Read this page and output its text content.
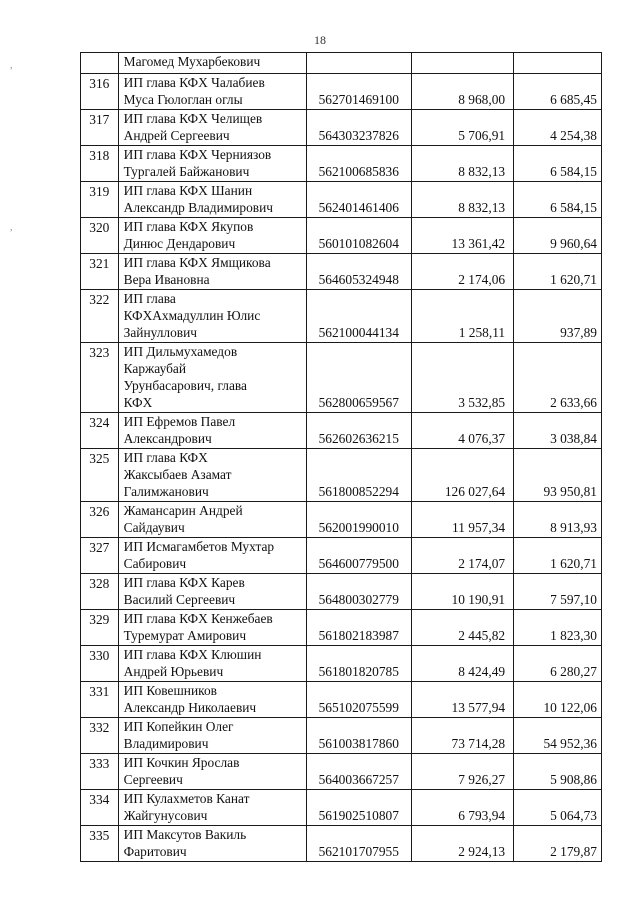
18
,
,
	Магомед Мухарбекович			
316	ИП глава КФХ Чалабиев
Муса Гюлоглан оглы	562701469100	8 968,00	6 685,45
317	ИП глава КФХ Челищев
Андрей Сергеевич	564303237826	5 706,91	4 254,38
318	ИП глава КФХ Черниязов
Тургалей Байжанович	562100685836	8 832,13	6 584,15
319	ИП глава КФХ Шанин
Александр Владимирович	562401461406	8 832,13	6 584,15
320	ИП глава КФХ Якупов
Динюс Дендарович	560101082604	13 361,42	9 960,64
321	ИП глава КФХ Ямщикова
Вера Ивановна	564605324948	2 174,06	1 620,71
322	ИП глава
КФХАхмадуллин Юлис
Зайнуллович	562100044134	1 258,11	937,89
323	ИП Дильмухамедов
Каржаубай
Урунбасарович, глава
КФХ	562800659567	3 532,85	2 633,66
324	ИП Ефремов Павел
Александрович	562602636215	4 076,37	3 038,84
325	ИП глава КФХ
Жаксыбаев Азамат
Галимжанович	561800852294	126 027,64	93 950,81
326	Жамансарин Андрей
Сайдаувич	562001990010	11 957,34	8 913,93
327	ИП Исмагамбетов Мухтар
Сабирович	564600779500	2 174,07	1 620,71
328	ИП глава КФХ Карев
Василий Сергеевич	564800302779	10 190,91	7 597,10
329	ИП глава КФХ Кенжебаев
Туремурат Амирович	561802183987	2 445,82	1 823,30
330	ИП глава КФХ Клюшин
Андрей Юрьевич	561801820785	8 424,49	6 280,27
331	ИП Ковешников
Александр Николаевич	565102075599	13 577,94	10 122,06
332	ИП Копейкин Олег
Владимирович	561003817860	73 714,28	54 952,36
333	ИП Кочкин Ярослав
Сергеевич	564003667257	7 926,27	5 908,86
334	ИП Кулахметов Канат
Жайгунусович	561902510807	6 793,94	5 064,73
335	ИП Максутов Вакиль
Фаритович	562101707955	2 924,13	2 179,87
